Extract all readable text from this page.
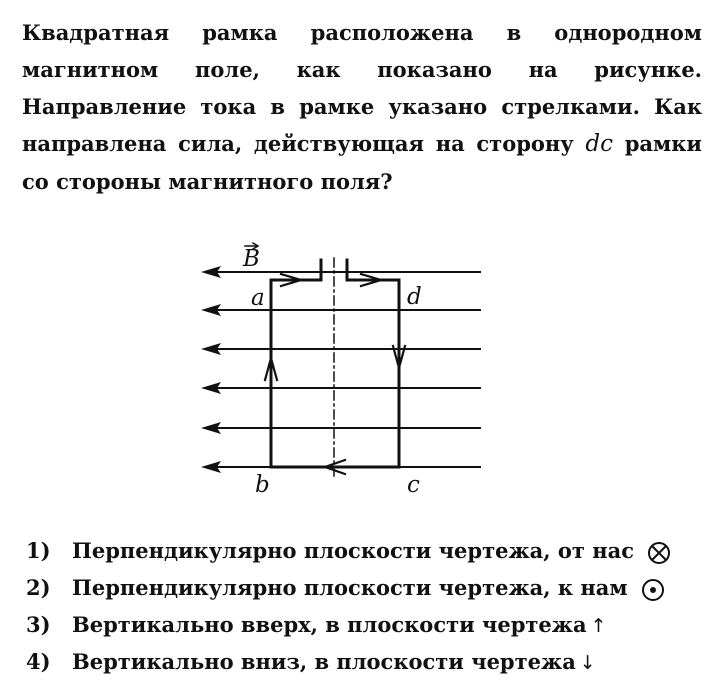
Квадратная рамка расположена в однородном магнитном поле, как показано на рисунке. Направление тока в рамке указано стрелками. Как направлена сила, действующая на сторону dc рамки со стороны магнитного поля?

B
a	d
b	c
1) Перпендикулярно плоскости чертежа, от нас
2) Перпендикулярно плоскости чертежа, к нам
3) Вертикально вверх, в плоскости чертежа ↑
4) Вертикально вниз, в плоскости чертежа ↓
